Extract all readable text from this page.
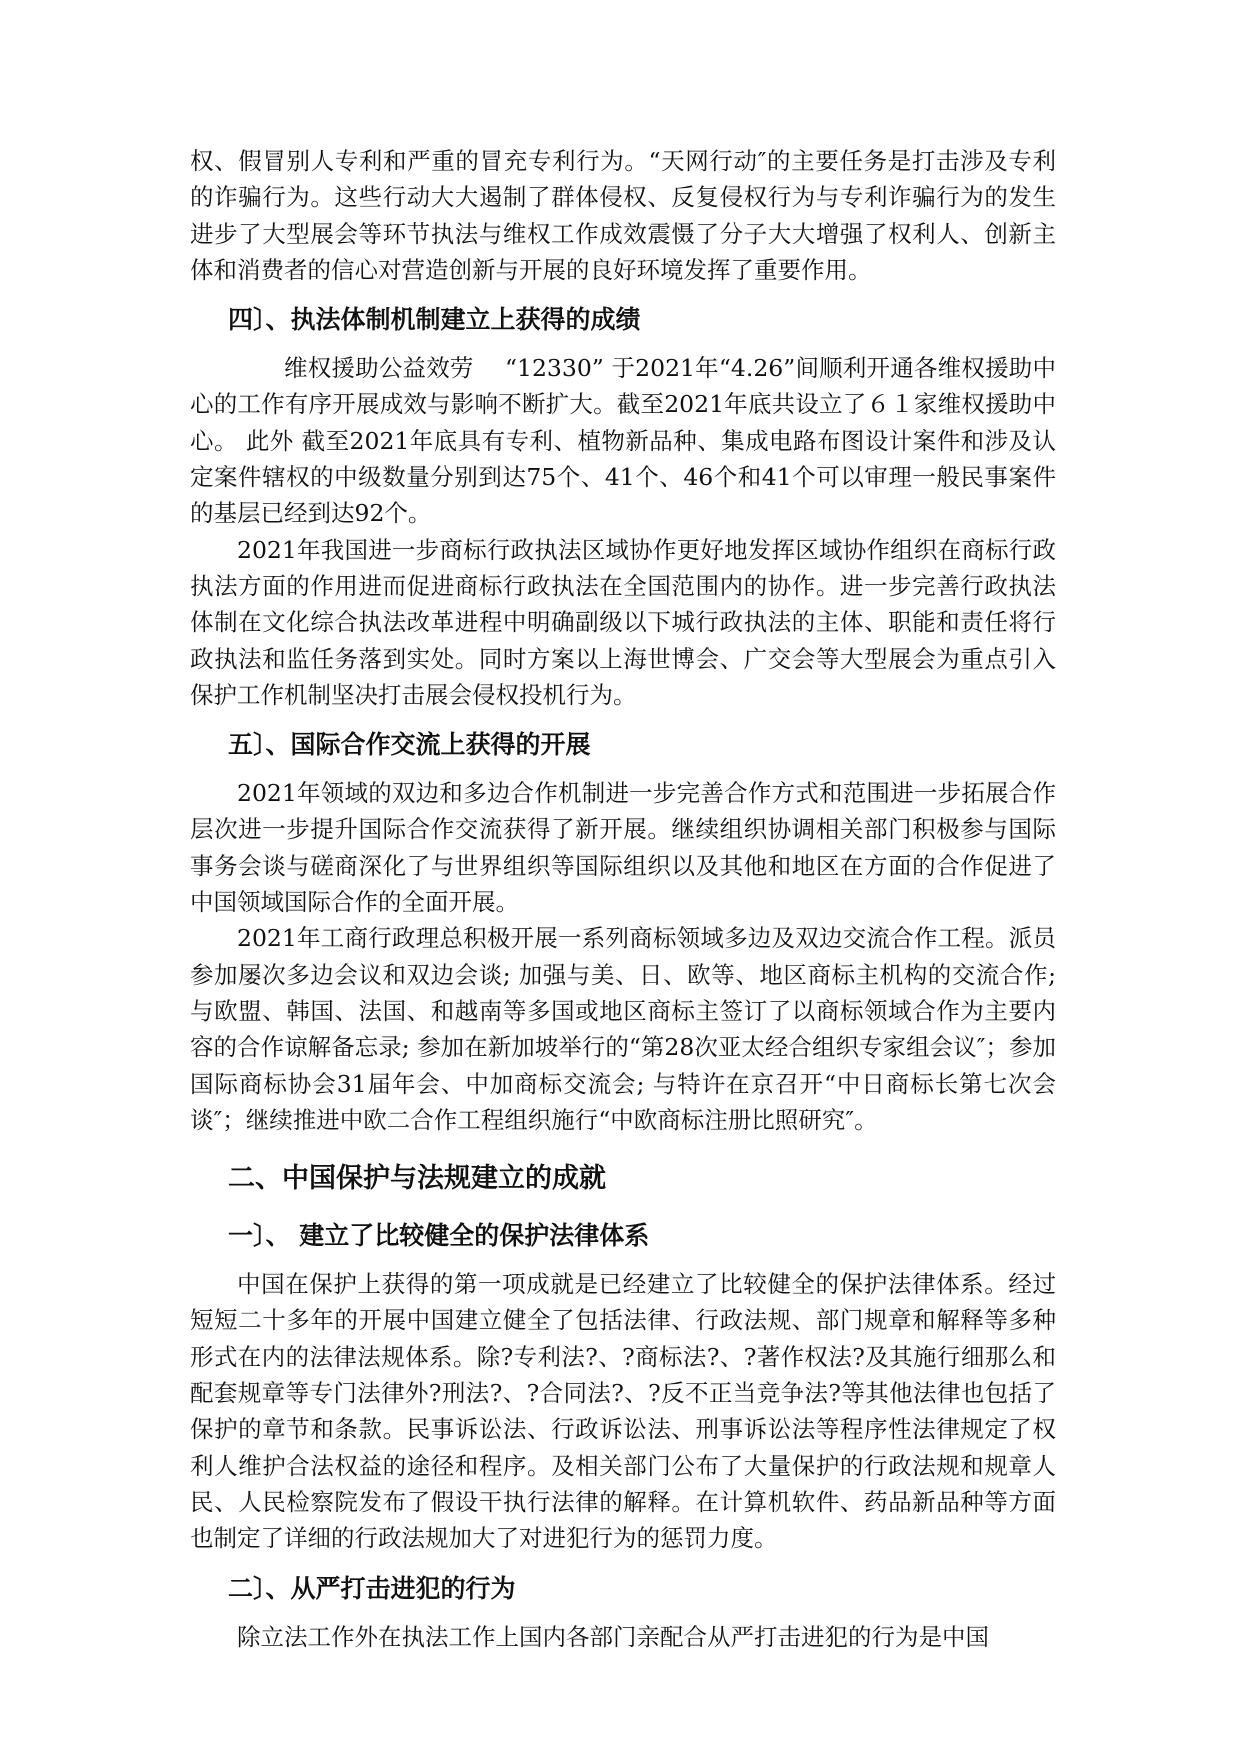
权、假冒别人专利和严重的冒充专利行为。“天网行动″的主要任务是打击涉及专利的诈骗行为。这些行动大大遏制了群体侵权、反复侵权行为与专利诈骗行为的发生进步了大型展会等环节执法与维权工作成效震慑了分子大大增强了权利人、创新主体和消费者的信心对营造创新与开展的良好环境发挥了重要作用。

四〕、执法体制机制建立上获得的成绩

维权援助公益效劳　 “12330” 于2021年“4.26”间顺利开通各维权援助中心的工作有序开展成效与影响不断扩大。截至2021年底共设立了６１家维权援助中心。 此外 截至2021年底具有专利、植物新品种、集成电路布图设计案件和涉及认定案件辖权的中级数量分别到达75个、41个、46个和41个可以审理一般民事案件的基层已经到达92个。

2021年我国进一步商标行政执法区域协作更好地发挥区域协作组织在商标行政执法方面的作用进而促进商标行政执法在全国范围内的协作。进一步完善行政执法体制在文化综合执法改革进程中明确副级以下城行政执法的主体、职能和责任将行政执法和监任务落到实处。同时方案以上海世博会、广交会等大型展会为重点引入保护工作机制坚决打击展会侵权投机行为。

五〕、国际合作交流上获得的开展

2021年领域的双边和多边合作机制进一步完善合作方式和范围进一步拓展合作层次进一步提升国际合作交流获得了新开展。继续组织协调相关部门积极参与国际事务会谈与磋商深化了与世界组织等国际组织以及其他和地区在方面的合作促进了中国领域国际合作的全面开展。

2021年工商行政理总积极开展一系列商标领域多边及双边交流合作工程。派员参加屡次多边会议和双边会谈; 加强与美、日、欧等、地区商标主机构的交流合作; 与欧盟、韩国、法国、和越南等多国或地区商标主签订了以商标领域合作为主要内容的合作谅解备忘录; 参加在新加坡举行的“第28次亚太经合组织专家组会议″；参加国际商标协会31届年会、中加商标交流会; 与特许在京召开“中日商标长第七次会谈″；继续推进中欧二合作工程组织施行“中欧商标注册比照研究″。

二、中国保护与法规建立的成就
一〕、 建立了比较健全的保护法律体系

中国在保护上获得的第一项成就是已经建立了比较健全的保护法律体系。经过短短二十多年的开展中国建立健全了包括法律、行政法规、部门规章和解释等多种形式在内的法律法规体系。除?专利法?、?商标法?、?著作权法?及其施行细那么和配套规章等专门法律外?刑法?、?合同法?、?反不正当竞争法?等其他法律也包括了保护的章节和条款。民事诉讼法、行政诉讼法、刑事诉讼法等程序性法律规定了权利人维护合法权益的途径和程序。及相关部门公布了大量保护的行政法规和规章人民、人民检察院发布了假设干执行法律的解释。在计算机软件、药品新品种等方面也制定了详细的行政法规加大了对进犯行为的惩罚力度。

二〕、从严打击进犯的行为

除立法工作外在执法工作上国内各部门亲配合从严打击进犯的行为是中国
